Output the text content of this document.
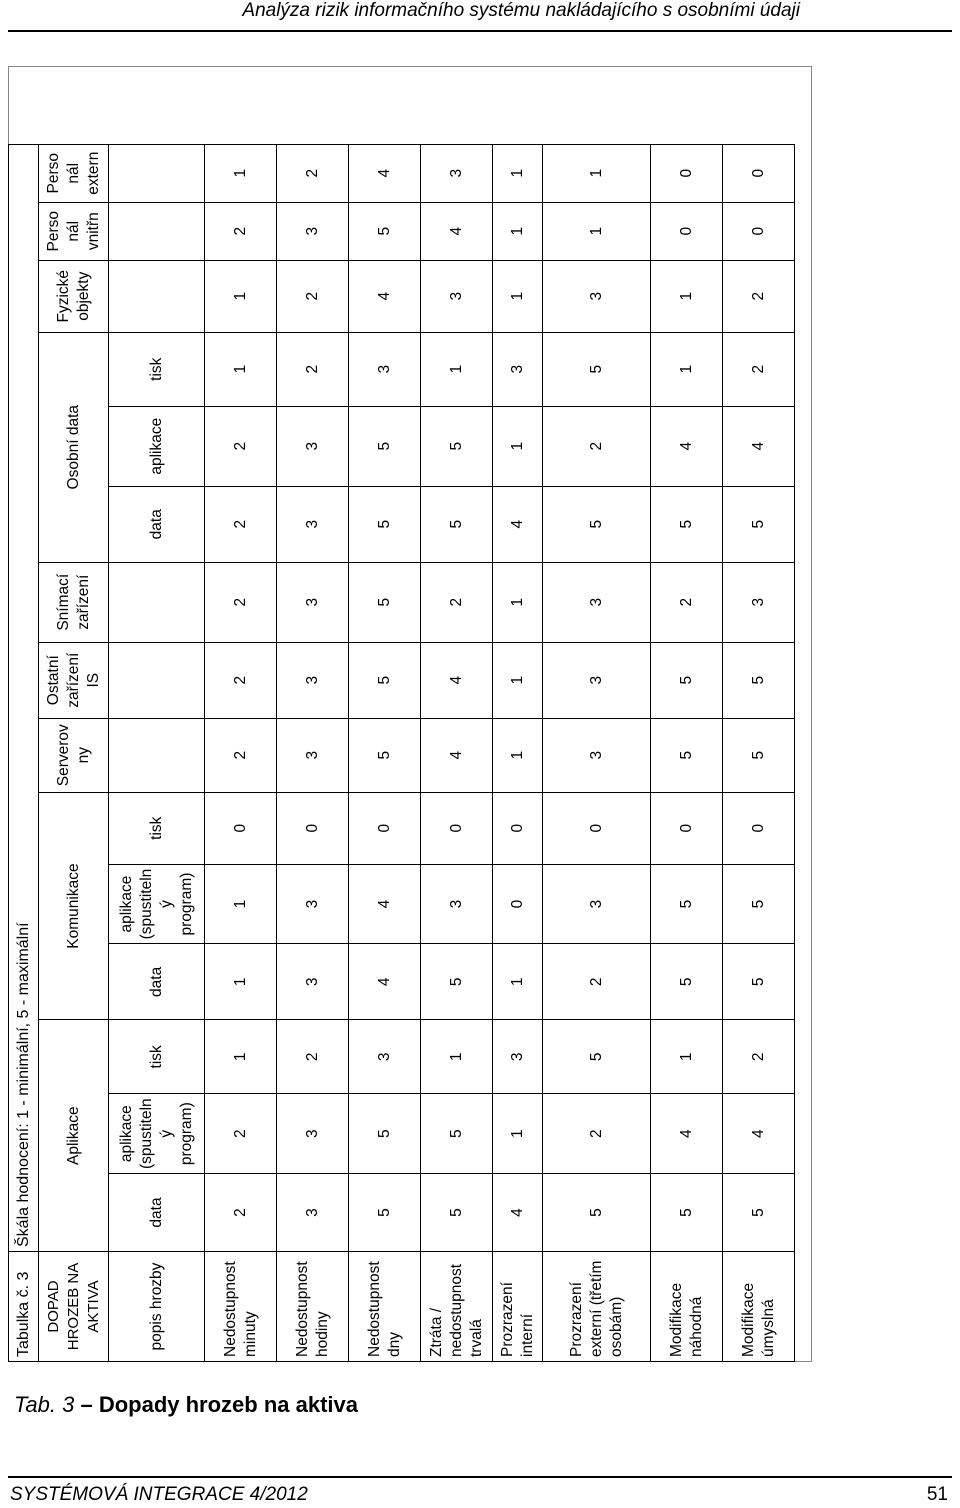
Analýza rizik informačního systému nakládajícího s osobními údaji
Tabulka č. 3	Škála hodnocení: 1 - minimální, 5 - maximální														
DOPAD HROZEB NA AKTIVA	Aplikace			Komunikace			Serverov ny	Ostatní zařízení IS	Snímací zařízení	Osobní data			Fyzické objekty	Perso nál vnitřn	Perso nál extern
popis hrozby	data	aplikace (spustiteln ý program)	tisk	data	aplikace (spustiteln ý program)	tisk				data	aplikace	tisk			
Nedostupnost minuty	2	2	1	1	1	0	2	2	2	2	2	1	1	2	1
Nedostupnost hodiny	3	3	2	3	3	0	3	3	3	3	3	2	2	3	2
Nedostupnost dny	5	5	3	4	4	0	5	5	5	5	5	3	4	5	4
Ztráta / nedostupnost trvalá	5	5	1	5	3	0	4	4	2	5	5	1	3	4	3
Prozrazení interní	4	1	3	1	0	0	1	1	1	4	1	3	1	1	1
Prozrazení externí (třetím osobám)	5	2	5	2	3	0	3	3	3	5	2	5	3	1	1
Modifikace náhodná	5	4	1	5	5	0	5	5	2	5	4	1	1	0	0
Modifikace úmyslná	5	4	2	5	5	0	5	5	3	5	4	2	2	0	0
Tab. 3 – Dopady hrozeb na aktiva
SYSTÉMOVÁ INTEGRACE 4/2012	51
